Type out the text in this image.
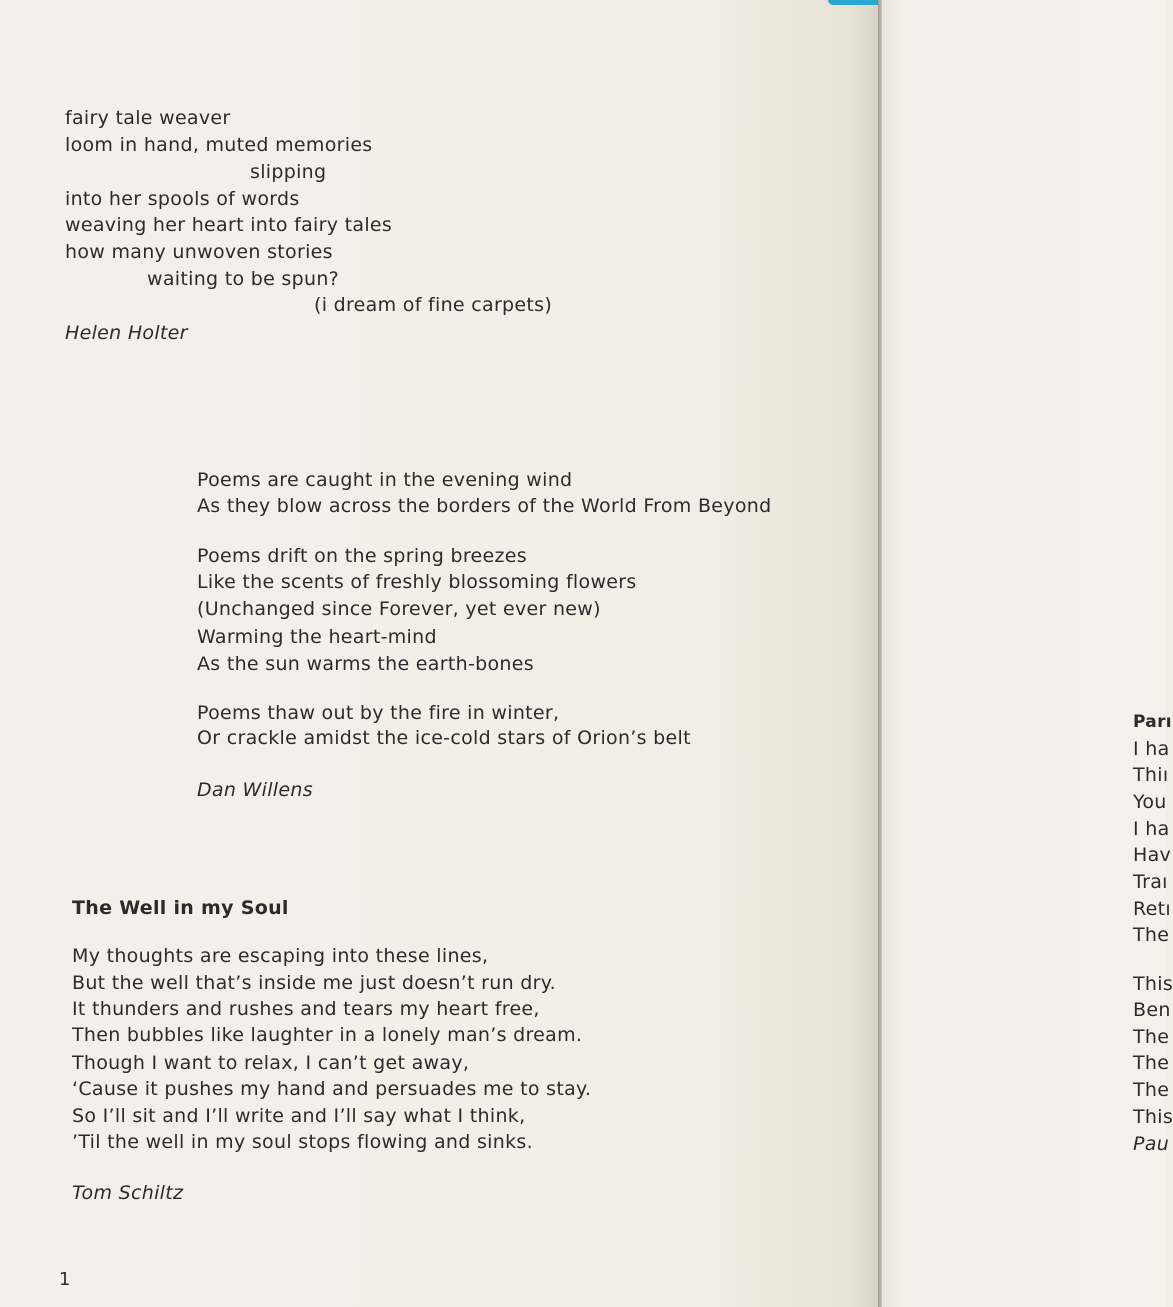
fairy tale weaver
loom in hand, muted memories
slipping
into her spools of words
weaving her heart into fairy tales
how many unwoven stories
waiting to be spun?
(i dream of fine carpets)
Helen Holter
Poems are caught in the evening wind
As they blow across the borders of the World From Beyond
Poems drift on the spring breezes
Like the scents of freshly blossoming flowers
(Unchanged since Forever, yet ever new)
Warming the heart-mind
As the sun warms the earth-bones
Poems thaw out by the fire in winter,
Or crackle amidst the ice-cold stars of Orion’s belt
Dan Willens
The Well in my Soul
My thoughts are escaping into these lines,
But the well that’s inside me just doesn’t run dry.
It thunders and rushes and tears my heart free,
Then bubbles like laughter in a lonely man’s dream.
Though I want to relax, I can’t get away,
‘Cause it pushes my hand and persuades me to stay.
So I’ll sit and I’ll write and I’ll say what I think,
’Til the well in my soul stops flowing and sinks.
Tom Schiltz
1
Parı
I ha
Thiı
You
I ha
Hav
Traı
Retı
The
This
Ben
The
The
The
This
Pau
